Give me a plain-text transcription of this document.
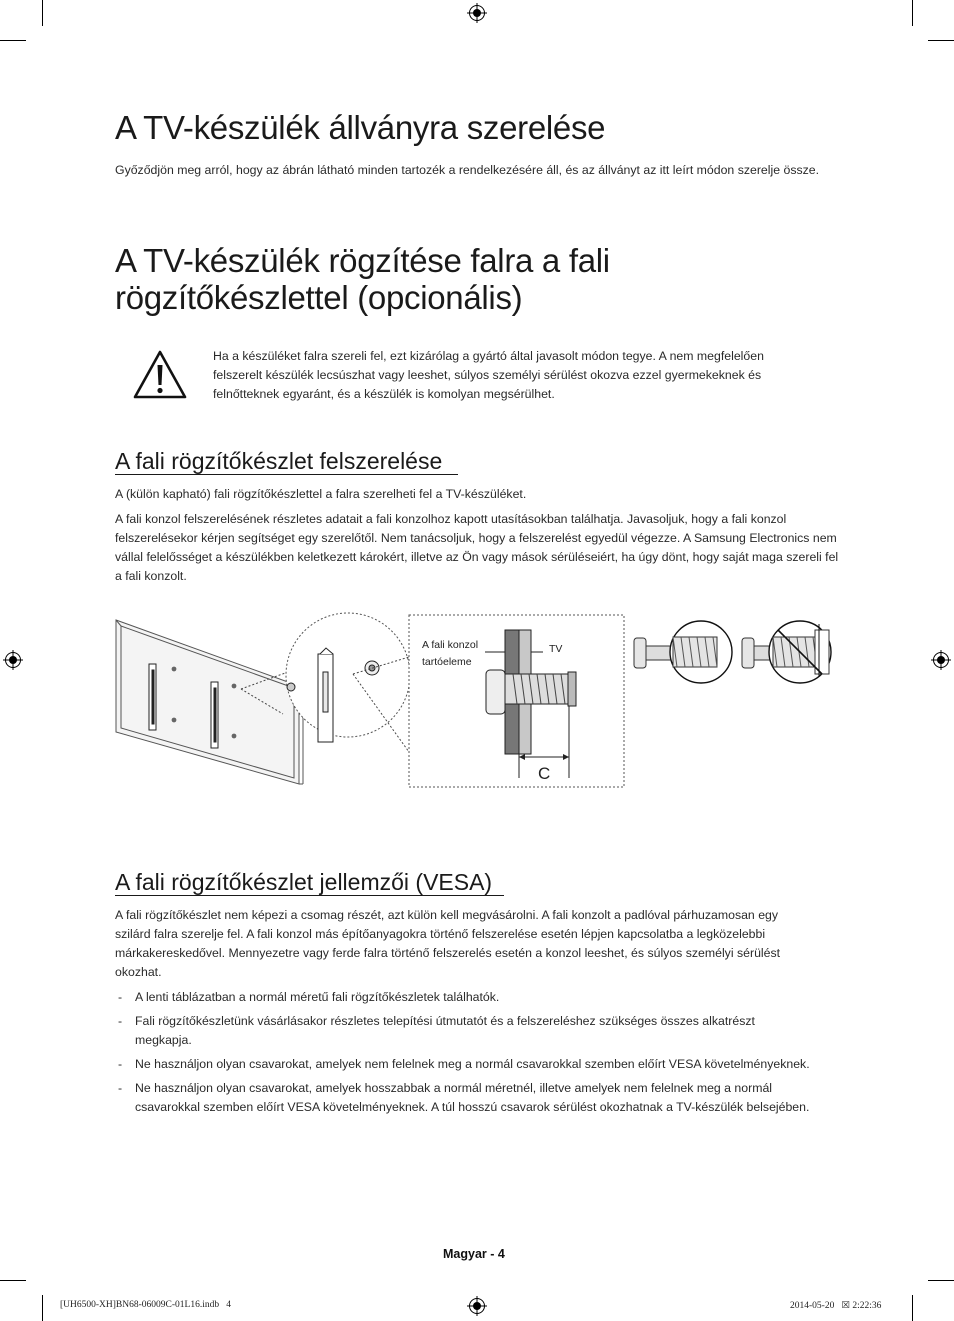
A TV-készülék állványra szerelése

Győződjön meg arról, hogy az ábrán látható minden tartozék a rendelkezésére áll, és az állványt az itt leírt módon szerelje össze.

A TV-készülék rögzítése falra a fali
rögzítőkészlettel (opcionális)

Ha a készüléket falra szereli fel, ezt kizárólag a gyártó által javasolt módon tegye. A nem megfelelően felszerelt készülék lecsúszhat vagy leeshet, súlyos személyi sérülést okozva ezzel gyermekeknek és felnőtteknek egyaránt, és a készülék is komolyan megsérülhet.

A fali rögzítőkészlet felszerelése

A (külön kapható) fali rögzítőkészlettel a falra szerelheti fel a TV-készüléket.

A fali konzol felszerelésének részletes adatait a fali konzolhoz kapott utasításokban találhatja. Javasoljuk, hogy a fali konzol felszerelésekor kérjen segítséget egy szerelőtől. Nem tanácsoljuk, hogy a felszerelést egyedül végezze. A Samsung Electronics nem vállal felelősséget a készülékben keletkezett károkért, illetve az Ön vagy mások sérüléseiért, ha úgy dönt, hogy saját maga szereli fel a fali konzolt.

A fali konzol
tartóeleme
TV
C
A fali rögzítőkészlet jellemzői (VESA)

A fali rögzítőkészlet nem képezi a csomag részét, azt külön kell megvásárolni. A fali konzolt a padlóval párhuzamosan egy szilárd falra szerelje fel. A fali konzol más építőanyagokra történő felszerelése esetén lépjen kapcsolatba a legközelebbi márkakereskedővel. Mennyezetre vagy ferde falra történő felszerelés esetén a konzol leeshet, és súlyos személyi sérülést okozhat.

- A lenti táblázatban a normál méretű fali rögzítőkészletek találhatók.
- Fali rögzítőkészletünk vásárlásakor részletes telepítési útmutatót és a felszereléshez szükséges összes alkatrészt megkapja.
- Ne használjon olyan csavarokat, amelyek nem felelnek meg a normál csavarokkal szemben előírt VESA követelményeknek.
- Ne használjon olyan csavarokat, amelyek hosszabbak a normál méretnél, illetve amelyek nem felelnek meg a normál csavarokkal szemben előírt VESA követelményeknek. A túl hosszú csavarok sérülést okozhatnak a TV-készülék belsejében.
Magyar - 4
[UH6500-XH]BN68-06009C-01L16.indb   4	2014-05-20   ☒ 2:22:36
